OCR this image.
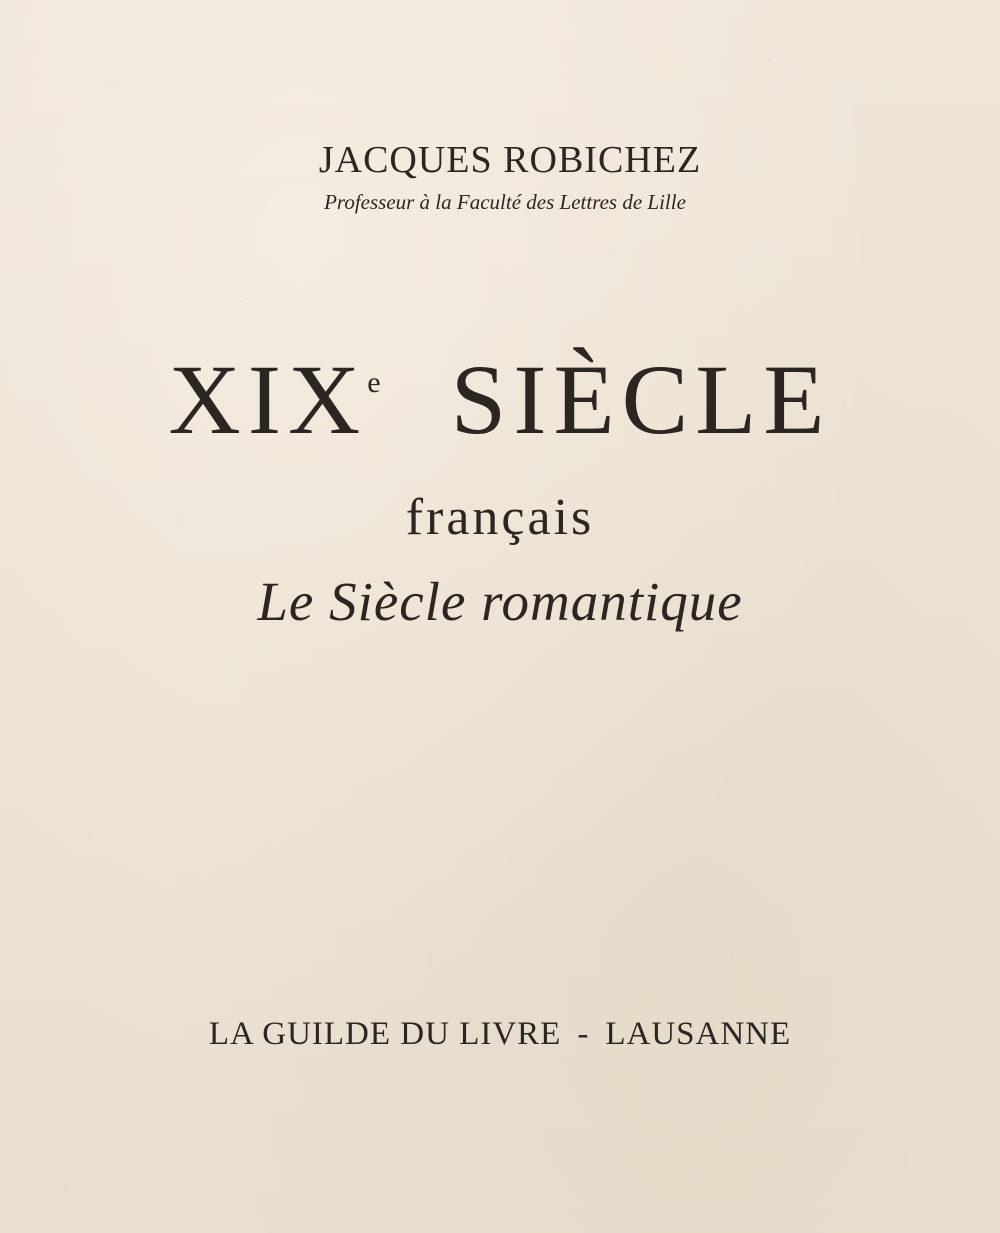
JACQUES ROBICHEZ
Professeur à la Faculté des Lettres de Lille
XIXe SIÈCLE
français
Le Siècle romantique
LA GUILDE DU LIVRE - LAUSANNE
